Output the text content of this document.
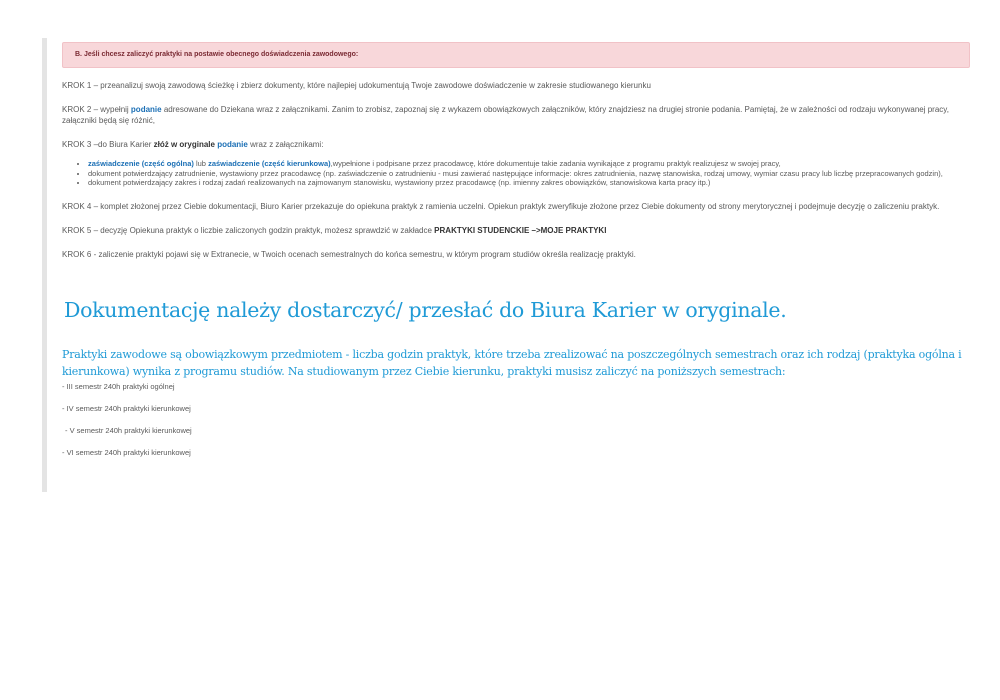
B. Jeśli chcesz zaliczyć praktyki na postawie obecnego doświadczenia zawodowego:

KROK 1 – przeanalizuj swoją zawodową ścieżkę i zbierz dokumenty, które najlepiej udokumentują Twoje zawodowe doświadczenie w zakresie studiowanego kierunku

KROK 2 – wypełnij podanie adresowane do Dziekana wraz z załącznikami. Zanim to zrobisz, zapoznaj się z wykazem obowiązkowych załączników, który znajdziesz na drugiej stronie podania. Pamiętaj, że w zależności od rodzaju wykonywanej pracy, załączniki będą się różnić,

KROK 3 –do Biura Karier złóż w oryginale podanie wraz z załącznikami:

• zaświadczenie (część ogólna) lub zaświadczenie (część kierunkowa),wypełnione i podpisane przez pracodawcę, które dokumentuje takie zadania wynikające z programu praktyk realizujesz w swojej pracy,
• dokument potwierdzający zatrudnienie, wystawiony przez pracodawcę (np. zaświadczenie o zatrudnieniu - musi zawierać następujące informacje: okres zatrudnienia, nazwę stanowiska, rodzaj umowy, wymiar czasu pracy lub liczbę przepracowanych godzin),
• dokument potwierdzający zakres i rodzaj zadań realizowanych na zajmowanym stanowisku, wystawiony przez pracodawcę (np. imienny zakres obowiązków, stanowiskowa karta pracy itp.)

KROK 4 – komplet złożonej przez Ciebie dokumentacji, Biuro Karier przekazuje do opiekuna praktyk z ramienia uczelni. Opiekun praktyk zweryfikuje złożone przez Ciebie dokumenty od strony merytorycznej i podejmuje decyzję o zaliczeniu praktyk.

KROK 5 – decyzję Opiekuna praktyk o liczbie zaliczonych godzin praktyk, możesz sprawdzić w zakładce PRAKTYKI STUDENCKIE –>MOJE PRAKTYKI

KROK 6 - zaliczenie praktyki pojawi się w Extranecie, w Twoich ocenach semestralnych do końca semestru, w którym program studiów określa realizację praktyki.

Dokumentację należy dostarczyć/ przesłać do Biura Karier w oryginale.

Praktyki zawodowe są obowiązkowym przedmiotem - liczba godzin praktyk, które trzeba zrealizować na poszczególnych semestrach oraz ich rodzaj (praktyka ogólna i kierunkowa) wynika z programu studiów. Na studiowanym przez Ciebie kierunku, praktyki musisz zaliczyć na poniższych semestrach:

- III semestr 240h praktyki ogólnej
- IV semestr 240h praktyki kierunkowej
- V semestr 240h praktyki kierunkowej
- VI semestr 240h praktyki kierunkowej
